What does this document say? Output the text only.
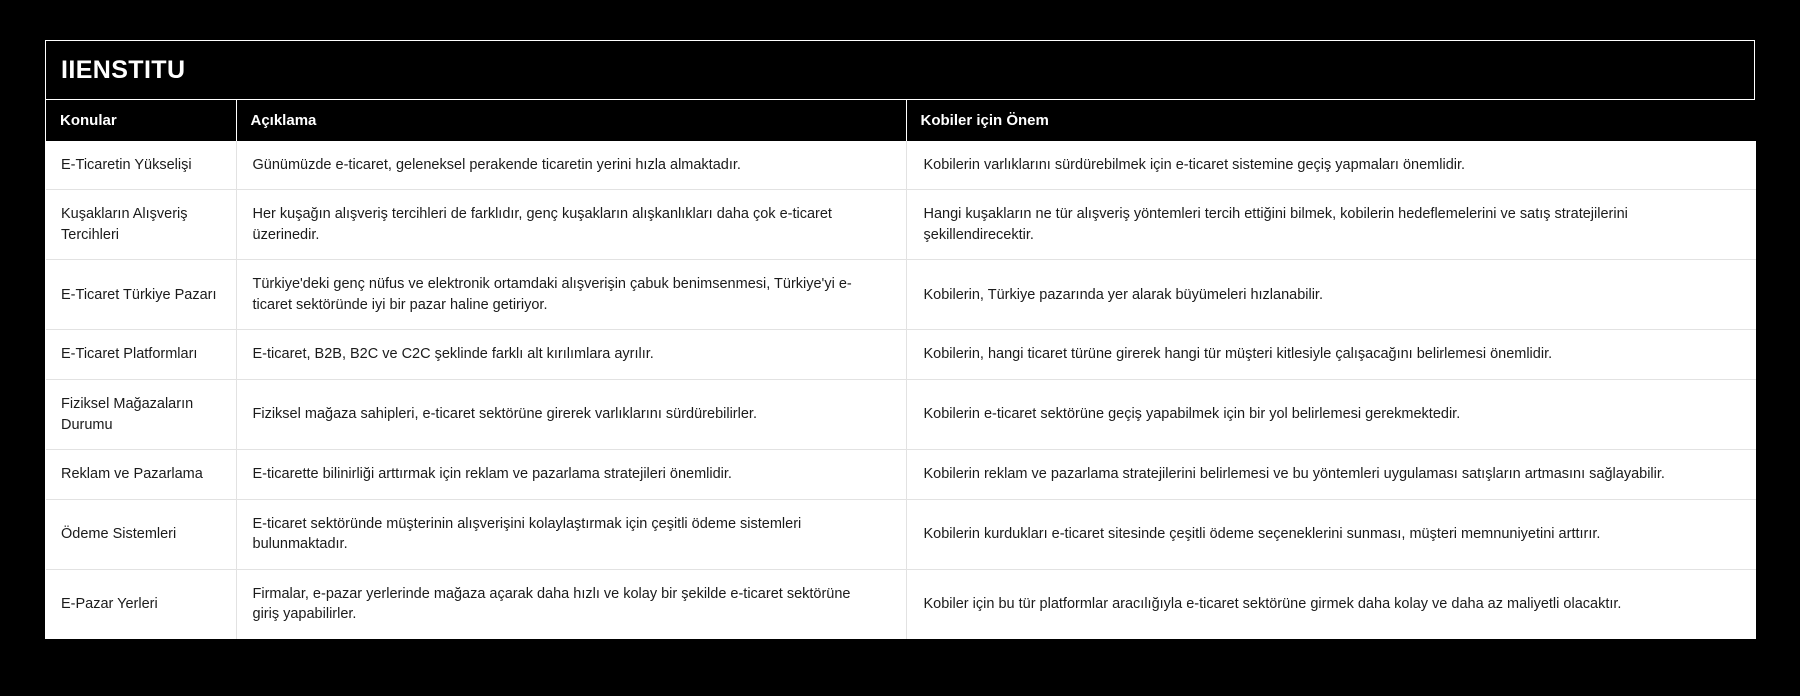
IIENSTITU
Konular	Açıklama	Kobiler için Önem
E-Ticaretin Yükselişi	Günümüzde e-ticaret, geleneksel perakende ticaretin yerini hızla almaktadır.	Kobilerin varlıklarını sürdürebilmek için e-ticaret sistemine geçiş yapmaları önemlidir.
Kuşakların Alışveriş Tercihleri	Her kuşağın alışveriş tercihleri de farklıdır, genç kuşakların alışkanlıkları daha çok e-ticaret üzerinedir.	Hangi kuşakların ne tür alışveriş yöntemleri tercih ettiğini bilmek, kobilerin hedeflemelerini ve satış stratejilerini şekillendirecektir.
E-Ticaret Türkiye Pazarı	Türkiye'deki genç nüfus ve elektronik ortamdaki alışverişin çabuk benimsenmesi, Türkiye'yi e-ticaret sektöründe iyi bir pazar haline getiriyor.	Kobilerin, Türkiye pazarında yer alarak büyümeleri hızlanabilir.
E-Ticaret Platformları	E-ticaret, B2B, B2C ve C2C şeklinde farklı alt kırılımlara ayrılır.	Kobilerin, hangi ticaret türüne girerek hangi tür müşteri kitlesiyle çalışacağını belirlemesi önemlidir.
Fiziksel Mağazaların Durumu	Fiziksel mağaza sahipleri, e-ticaret sektörüne girerek varlıklarını sürdürebilirler.	Kobilerin e-ticaret sektörüne geçiş yapabilmek için bir yol belirlemesi gerekmektedir.
Reklam ve Pazarlama	E-ticarette bilinirliği arttırmak için reklam ve pazarlama stratejileri önemlidir.	Kobilerin reklam ve pazarlama stratejilerini belirlemesi ve bu yöntemleri uygulaması satışların artmasını sağlayabilir.
Ödeme Sistemleri	E-ticaret sektöründe müşterinin alışverişini kolaylaştırmak için çeşitli ödeme sistemleri bulunmaktadır.	Kobilerin kurdukları e-ticaret sitesinde çeşitli ödeme seçeneklerini sunması, müşteri memnuniyetini arttırır.
E-Pazar Yerleri	Firmalar, e-pazar yerlerinde mağaza açarak daha hızlı ve kolay bir şekilde e-ticaret sektörüne giriş yapabilirler.	Kobiler için bu tür platformlar aracılığıyla e-ticaret sektörüne girmek daha kolay ve daha az maliyetli olacaktır.
